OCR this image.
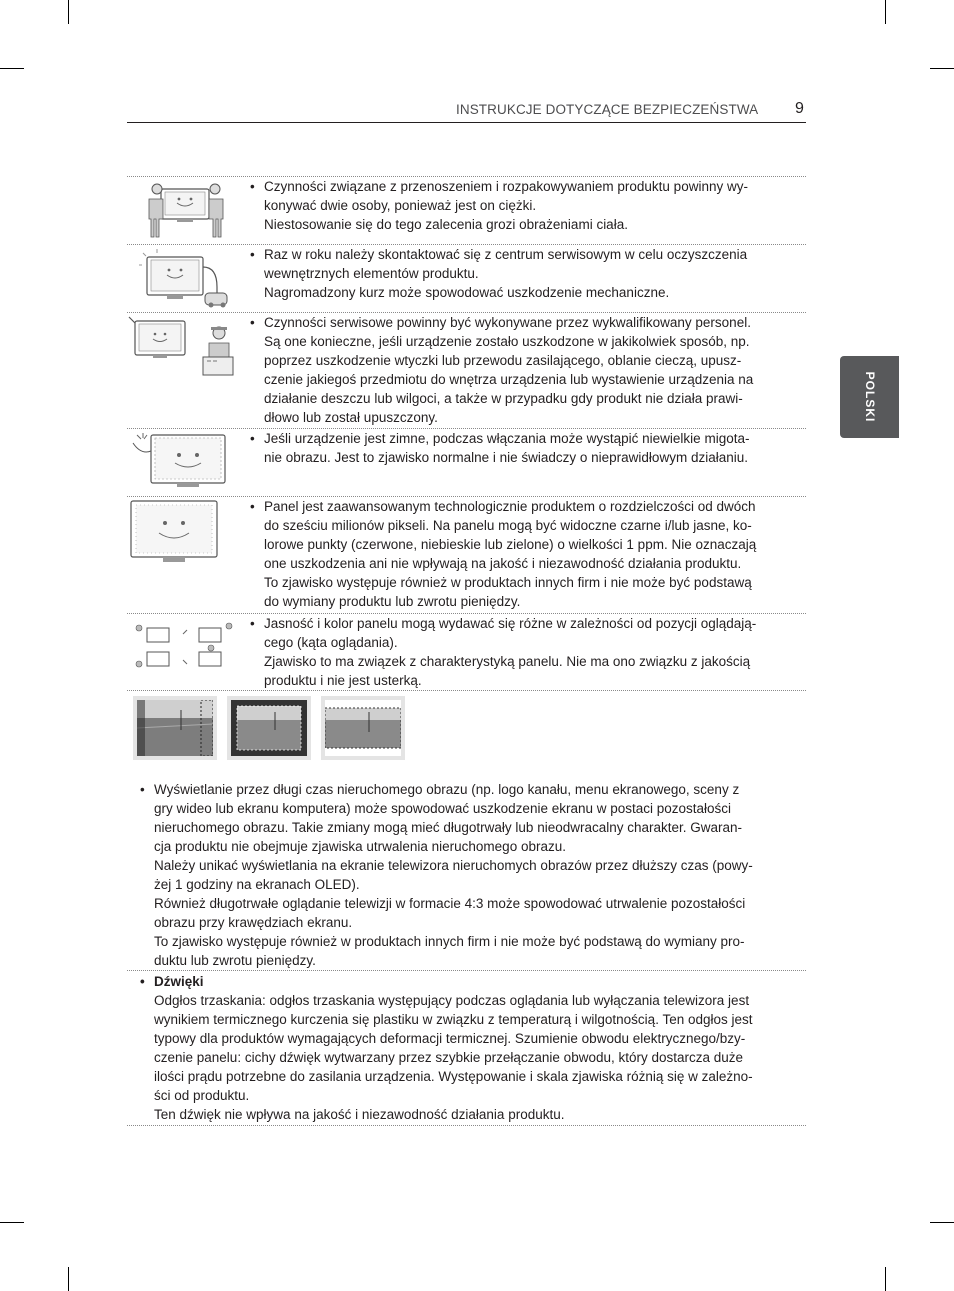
INSTRUKCJE DOTYCZĄCE BEZPIECZEŃSTWA 9
POLSKI

• Czynności związane z przenoszeniem i rozpakowywaniem produktu powinny wy-

konywać dwie osoby, ponieważ jest on ciężki.

Niestosowanie się do tego zalecenia grozi obrażeniami ciała.

• Raz w roku należy skontaktować się z centrum serwisowym w celu oczyszczenia

wewnętrznych elementów produktu.

Nagromadzony kurz może spowodować uszkodzenie mechaniczne.

• Czynności serwisowe powinny być wykonywane przez wykwalifikowany personel.

Są one konieczne, jeśli urządzenie zostało uszkodzone w jakikolwiek sposób, np.

poprzez uszkodzenie wtyczki lub przewodu zasilającego, oblanie cieczą, upusz-

czenie jakiegoś przedmiotu do wnętrza urządzenia lub wystawienie urządzenia na

działanie deszczu lub wilgoci, a także w przypadku gdy produkt nie działa prawi-

dłowo lub został upuszczony.

• Jeśli urządzenie jest zimne, podczas włączania może wystąpić niewielkie migota-

nie obrazu. Jest to zjawisko normalne i nie świadczy o nieprawidłowym działaniu.

• Panel jest zaawansowanym technologicznie produktem o rozdzielczości od dwóch

do sześciu milionów pikseli. Na panelu mogą być widoczne czarne i/lub jasne, ko-

lorowe punkty (czerwone, niebieskie lub zielone) o wielkości 1 ppm. Nie oznaczają

one uszkodzenia ani nie wpływają na jakość i niezawodność działania produktu.

To zjawisko występuje również w produktach innych firm i nie może być podstawą

do wymiany produktu lub zwrotu pieniędzy.

• Jasność i kolor panelu mogą wydawać się różne w zależności od pozycji oglądają-

cego (kąta oglądania).

Zjawisko to ma związek z charakterystyką panelu. Nie ma ono związku z jakością

produktu i nie jest usterką.

• Wyświetlanie przez długi czas nieruchomego obrazu (np. logo kanału, menu ekranowego, sceny z

gry wideo lub ekranu komputera) może spowodować uszkodzenie ekranu w postaci pozostałości

nieruchomego obrazu. Takie zmiany mogą mieć długotrwały lub nieodwracalny charakter. Gwaran-

cja produktu nie obejmuje zjawiska utrwalenia nieruchomego obrazu.

Należy unikać wyświetlania na ekranie telewizora nieruchomych obrazów przez dłuższy czas (powy-

żej 1 godziny na ekranach OLED).

Również długotrwałe oglądanie telewizji w formacie 4:3 może spowodować utrwalenie pozostałości

obrazu przy krawędziach ekranu.

To zjawisko występuje również w produktach innych firm i nie może być podstawą do wymiany pro-

duktu lub zwrotu pieniędzy.

• Dźwięki

Odgłos trzaskania: odgłos trzaskania występujący podczas oglądania lub wyłączania telewizora jest

wynikiem termicznego kurczenia się plastiku w związku z temperaturą i wilgotnością. Ten odgłos jest

typowy dla produktów wymagających deformacji termicznej. Szumienie obwodu elektrycznego/bzy-

czenie panelu: cichy dźwięk wytwarzany przez szybkie przełączanie obwodu, który dostarcza duże

ilości prądu potrzebne do zasilania urządzenia. Występowanie i skala zjawiska różnią się w zależno-

ści od produktu.

Ten dźwięk nie wpływa na jakość i niezawodność działania produktu.
